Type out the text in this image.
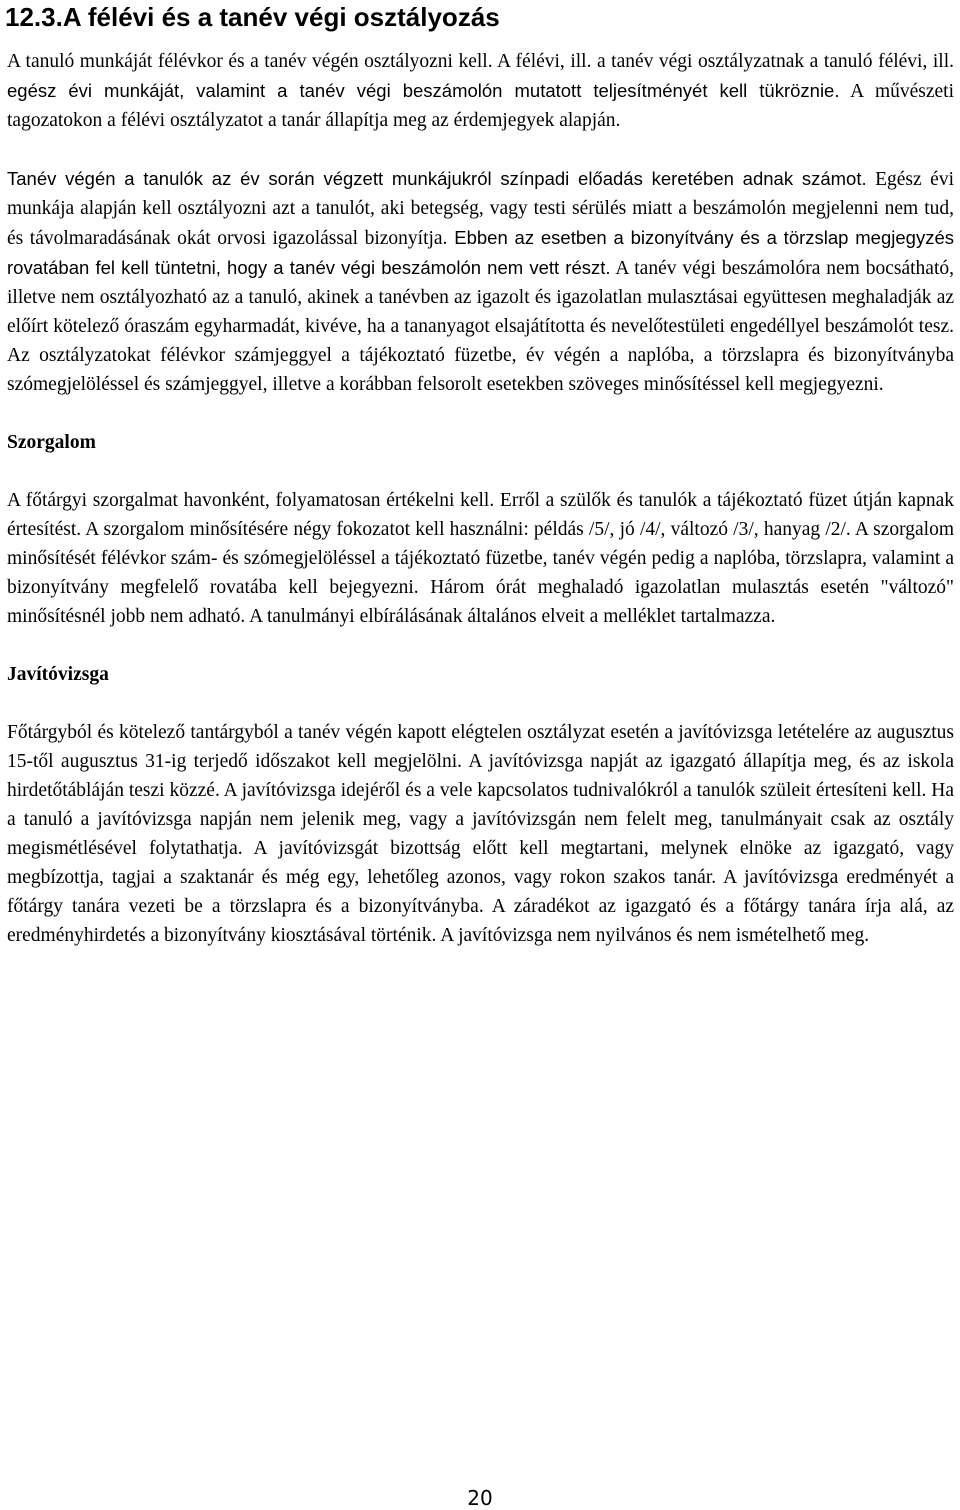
12.3.A félévi és a tanév végi osztályozás

A tanuló munkáját félévkor és a tanév végén osztályozni kell. A félévi, ill. a tanév végi osztályzatnak a tanuló félévi, ill. egész évi munkáját, valamint a tanév végi beszámolón mutatott teljesítményét kell tükröznie. A művészeti tagozatokon a félévi osztályzatot a tanár állapítja meg az érdemjegyek alapján.

Tanév végén a tanulók az év során végzett munkájukról színpadi előadás keretében adnak számot. Egész évi munkája alapján kell osztályozni azt a tanulót, aki betegség, vagy testi sérülés miatt a beszámolón megjelenni nem tud, és távolmaradásának okát orvosi igazolással bizonyítja. Ebben az esetben a bizonyítvány és a törzslap megjegyzés rovatában fel kell tüntetni, hogy a tanév végi beszámolón nem vett részt. A tanév végi beszámolóra nem bocsátható, illetve nem osztályozható az a tanuló, akinek a tanévben az igazolt és igazolatlan mulasztásai együttesen meghaladják az előírt kötelező óraszám egyharmadát, kivéve, ha a tananyagot elsajátította és nevelőtestületi engedéllyel beszámolót tesz. Az osztályzatokat félévkor számjeggyel a tájékoztató füzetbe, év végén a naplóba, a törzslapra és bizonyítványba szómegjelöléssel és számjeggyel, illetve a korábban felsorolt esetekben szöveges minősítéssel kell megjegyezni.

Szorgalom

A főtárgyi szorgalmat havonként, folyamatosan értékelni kell. Erről a szülők és tanulók a tájékoztató füzet útján kapnak értesítést. A szorgalom minősítésére négy fokozatot kell használni: példás /5/, jó /4/, változó /3/, hanyag /2/. A szorgalom minősítését félévkor szám- és szómegjelöléssel a tájékoztató füzetbe, tanév végén pedig a naplóba, törzslapra, valamint a bizonyítvány megfelelő rovatába kell bejegyezni. Három órát meghaladó igazolatlan mulasztás esetén "változó" minősítésnél jobb nem adható. A tanulmányi elbírálásának általános elveit a melléklet tartalmazza.

Javítóvizsga

Főtárgyból és kötelező tantárgyból a tanév végén kapott elégtelen osztályzat esetén a javítóvizsga letételére az augusztus 15-től augusztus 31-ig terjedő időszakot kell megjelölni. A javítóvizsga napját az igazgató állapítja meg, és az iskola hirdetőtábláján teszi közzé. A javítóvizsga idejéről és a vele kapcsolatos tudnivalókról a tanulók szüleit értesíteni kell. Ha a tanuló a javítóvizsga napján nem jelenik meg, vagy a javítóvizsgán nem felelt meg, tanulmányait csak az osztály megismétlésével folytathatja. A javítóvizsgát bizottság előtt kell megtartani, melynek elnöke az igazgató, vagy megbízottja, tagjai a szaktanár és még egy, lehetőleg azonos, vagy rokon szakos tanár. A javítóvizsga eredményét a főtárgy tanára vezeti be a törzslapra és a bizonyítványba. A záradékot az igazgató és a főtárgy tanára írja alá, az eredményhirdetés a bizonyítvány kiosztásával történik. A javítóvizsga nem nyilvános és nem ismételhető meg.

20
